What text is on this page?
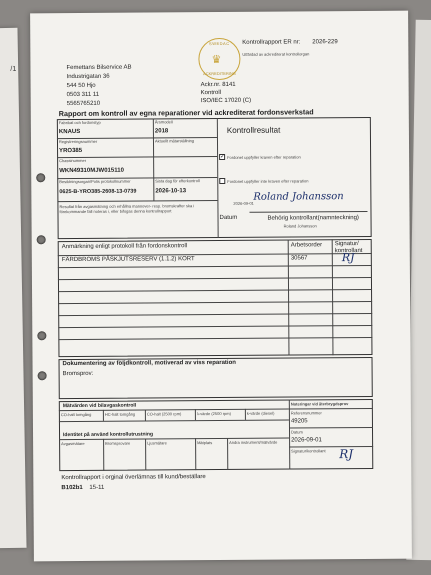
/1
Kontrollrapport ER nr: 2026-229
Utfärdad av ackrediterat kontrollorgan
SWEDAC
♛
ACKREDITERING
Ackr.nr. 8141
Kontroll
ISO/IEC 17020 (C)
Femettans Bilservice AB
Industrigatan 36
544 50 Hjo
0503 311 11
5565765210
Rapport om kontroll av egna reparationer vid ackrediterat fordonsverkstad
Fabrikat och fordonstyp
KNAUS
Årsmodell
2018
Registreringsnummer
YRO385
Aktuellt mätarställning
Chassinummer
WKN49310MJW015110
Besiktningsorgan/Polis protokollnummer
0625-B-YRO385-2608-13-0739
Sista dag för efterkontroll
2026-10-13
Resultat från avgasmätning och erhållna mannover- resp. bromskrafter ska i förekommande fall noteras i, eller bifogas denna kontrollrapport
Kontrollresultat
✓ Fordonet uppfyller kraven efter reparation
Fordonet uppfyller inte kraven efter reparation
Datum
2026-09-01
Roland Johansson
Behörig kontrollant(namnteckning)
Roland Johansson
Anmärkning enligt protokoll från fordonskontroll	Arbetsorder Signatur/ kontrollant
FÄRDBROMS PÅSKJUTSRESERV (1.1.2) KORT	30567	RJ
Dokumentering av följdkontroll, motiverad av viss reparation
Bromsprov:
Mätvärden vid bilavgaskontroll
CO-halt tomgång	HC-halt tomgång	CO-halt (2500 rpm)	λ-värde (2500 rpm)	k-värde (diesel)
Noteringar vid återbrygdsprov
Referensnummer
49205
Datum
2026-09-01
Signatur/kontrollant RJ
Identitet på använd kontrollutrustning
Avgasmätare	Bromsprovare	Ljusmätare	Mätplats	Andra instrument/mätvärde
Kontrollrapport i orginal överlämnas till kund/beställare
B102b1 15-11
